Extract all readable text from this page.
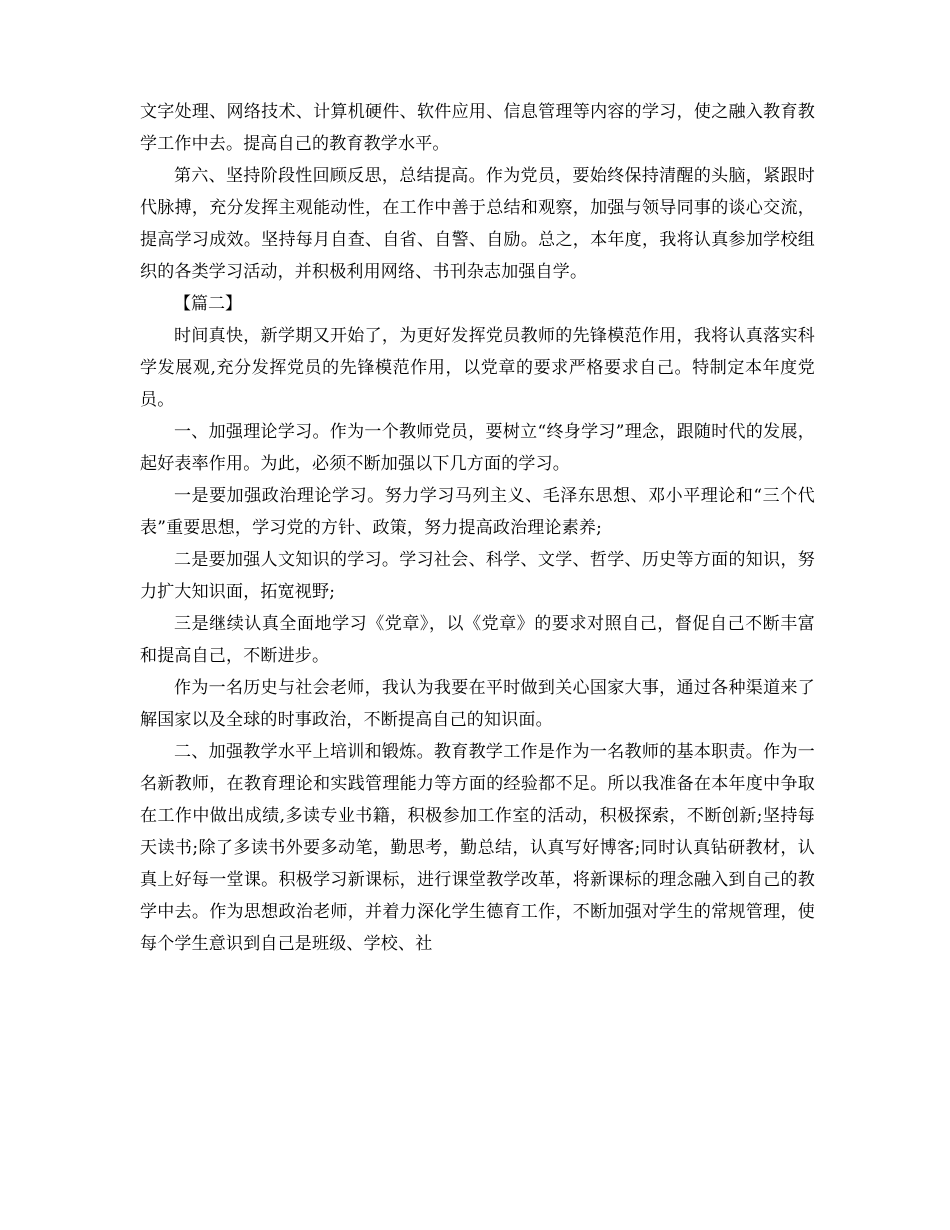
文字处理、网络技术、计算机硬件、软件应用、信息管理等内容的学习，使之融入教育教学工作中去。提高自己的教育教学水平。

第六、坚持阶段性回顾反思，总结提高。作为党员，要始终保持清醒的头脑，紧跟时代脉搏，充分发挥主观能动性，在工作中善于总结和观察，加强与领导同事的谈心交流，提高学习成效。坚持每月自查、自省、自警、自励。总之，本年度，我将认真参加学校组织的各类学习活动，并积极利用网络、书刊杂志加强自学。

【篇二】

时间真快，新学期又开始了，为更好发挥党员教师的先锋模范作用，我将认真落实科学发展观,充分发挥党员的先锋模范作用，以党章的要求严格要求自己。特制定本年度党员。

一、加强理论学习。作为一个教师党员，要树立“终身学习”理念，跟随时代的发展，起好表率作用。为此，必须不断加强以下几方面的学习。

一是要加强政治理论学习。努力学习马列主义、毛泽东思想、邓小平理论和“三个代表”重要思想，学习党的方针、政策，努力提高政治理论素养;

二是要加强人文知识的学习。学习社会、科学、文学、哲学、历史等方面的知识，努力扩大知识面，拓宽视野;

三是继续认真全面地学习《党章》，以《党章》的要求对照自己，督促自己不断丰富和提高自己，不断进步。

作为一名历史与社会老师，我认为我要在平时做到关心国家大事，通过各种渠道来了解国家以及全球的时事政治，不断提高自己的知识面。

二、加强教学水平上培训和锻炼。教育教学工作是作为一名教师的基本职责。作为一名新教师，在教育理论和实践管理能力等方面的经验都不足。所以我准备在本年度中争取在工作中做出成绩,多读专业书籍，积极参加工作室的活动，积极探索，不断创新;坚持每天读书;除了多读书外要多动笔，勤思考，勤总结，认真写好博客;同时认真钻研教材，认真上好每一堂课。积极学习新课标，进行课堂教学改革，将新课标的理念融入到自己的教学中去。作为思想政治老师，并着力深化学生德育工作，不断加强对学生的常规管理，使每个学生意识到自己是班级、学校、社
